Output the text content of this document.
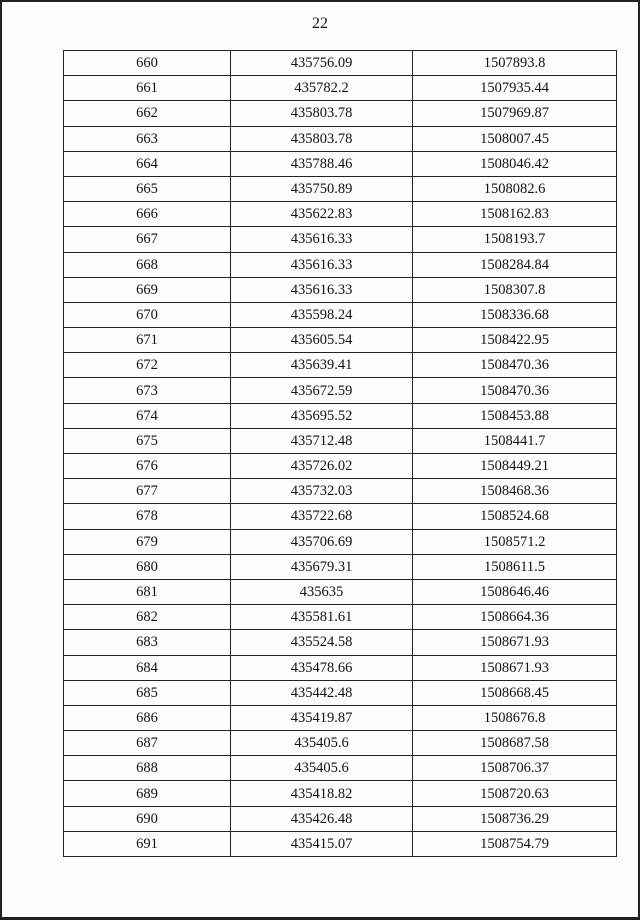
22
660	435756.09	1507893.8
661	435782.2	1507935.44
662	435803.78	1507969.87
663	435803.78	1508007.45
664	435788.46	1508046.42
665	435750.89	1508082.6
666	435622.83	1508162.83
667	435616.33	1508193.7
668	435616.33	1508284.84
669	435616.33	1508307.8
670	435598.24	1508336.68
671	435605.54	1508422.95
672	435639.41	1508470.36
673	435672.59	1508470.36
674	435695.52	1508453.88
675	435712.48	1508441.7
676	435726.02	1508449.21
677	435732.03	1508468.36
678	435722.68	1508524.68
679	435706.69	1508571.2
680	435679.31	1508611.5
681	435635	1508646.46
682	435581.61	1508664.36
683	435524.58	1508671.93
684	435478.66	1508671.93
685	435442.48	1508668.45
686	435419.87	1508676.8
687	435405.6	1508687.58
688	435405.6	1508706.37
689	435418.82	1508720.63
690	435426.48	1508736.29
691	435415.07	1508754.79
